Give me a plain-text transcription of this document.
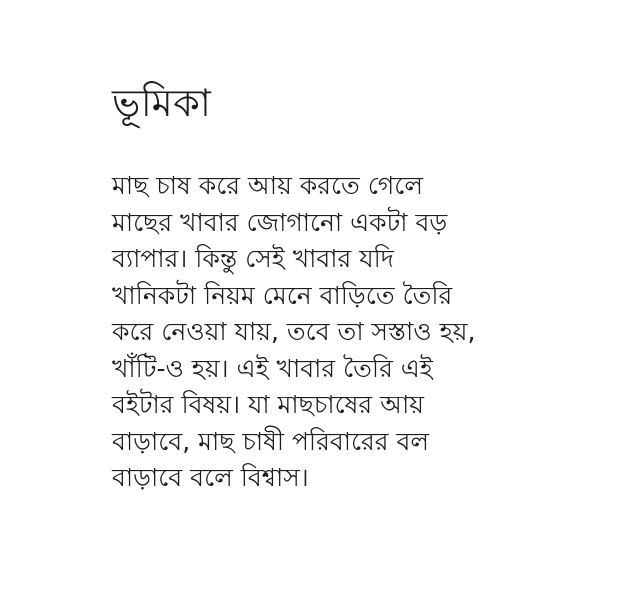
ভূমিকা
মাছ চাষ করে আয় করতে গেলে
মাছের খাবার জোগানো একটা বড়
ব্যাপার। কিন্তু সেই খাবার যদি
খানিকটা নিয়ম মেনে বাড়িতে তৈরি
করে নেওয়া যায়, তবে তা সস্তাও হয়,
খাঁটি-ও হয়। এই খাবার তৈরি এই
বইটার বিষয়। যা মাছচাষের আয়
বাড়াবে, মাছ চাষী পরিবারের বল
বাড়াবে বলে বিশ্বাস।
